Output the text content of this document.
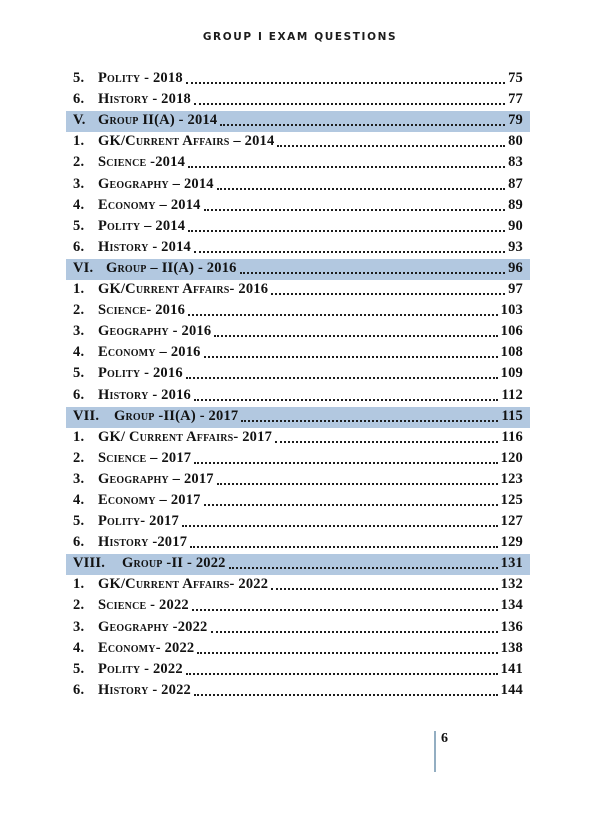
GROUP I EXAM QUESTIONS
5. Polity - 2018	75
6. History - 2018	77
V. Group II(A) - 2014	79
1. GK/Current Affairs – 2014	80
2. Science -2014	83
3. Geography – 2014	87
4. Economy – 2014	89
5. Polity – 2014	90
6. History - 2014	93
VI. Group – II(A) - 2016	96
1. GK/Current Affairs- 2016	97
2. Science- 2016	103
3. Geography - 2016	106
4. Economy – 2016	108
5. Polity - 2016	109
6. History - 2016	112
VII.	Group -II(A) - 2017	115
1. GK/ Current Affairs- 2017	116
2. Science – 2017	120
3. Geography – 2017	123
4. Economy – 2017	125
5. Polity- 2017	127
6. History -2017	129
VIII.	Group -II - 2022	131
1. GK/Current Affairs- 2022	132
2. Science - 2022	134
3. Geography -2022	136
4. Economy- 2022	138
5. Polity - 2022	141
6. History - 2022	144
6
